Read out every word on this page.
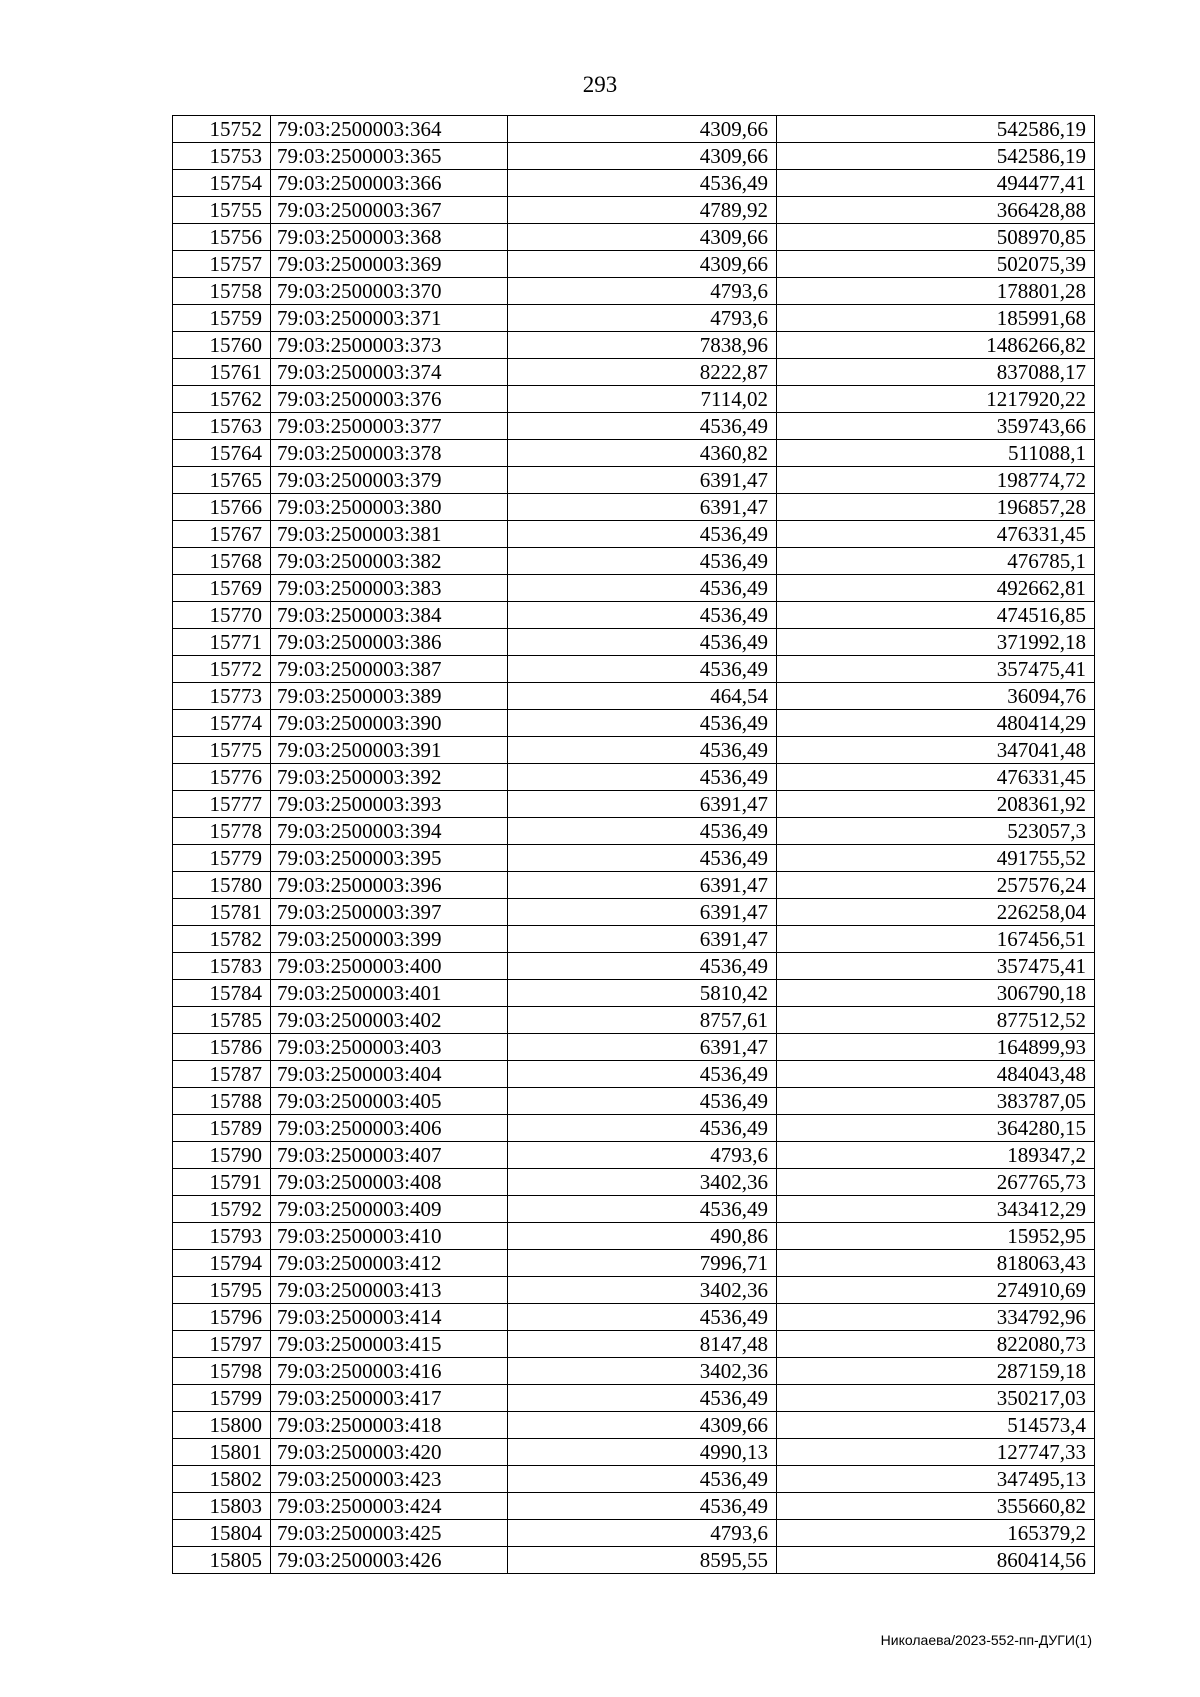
293
15752	79:03:2500003:364	4309,66	542586,19
15753	79:03:2500003:365	4309,66	542586,19
15754	79:03:2500003:366	4536,49	494477,41
15755	79:03:2500003:367	4789,92	366428,88
15756	79:03:2500003:368	4309,66	508970,85
15757	79:03:2500003:369	4309,66	502075,39
15758	79:03:2500003:370	4793,6	178801,28
15759	79:03:2500003:371	4793,6	185991,68
15760	79:03:2500003:373	7838,96	1486266,82
15761	79:03:2500003:374	8222,87	837088,17
15762	79:03:2500003:376	7114,02	1217920,22
15763	79:03:2500003:377	4536,49	359743,66
15764	79:03:2500003:378	4360,82	511088,1
15765	79:03:2500003:379	6391,47	198774,72
15766	79:03:2500003:380	6391,47	196857,28
15767	79:03:2500003:381	4536,49	476331,45
15768	79:03:2500003:382	4536,49	476785,1
15769	79:03:2500003:383	4536,49	492662,81
15770	79:03:2500003:384	4536,49	474516,85
15771	79:03:2500003:386	4536,49	371992,18
15772	79:03:2500003:387	4536,49	357475,41
15773	79:03:2500003:389	464,54	36094,76
15774	79:03:2500003:390	4536,49	480414,29
15775	79:03:2500003:391	4536,49	347041,48
15776	79:03:2500003:392	4536,49	476331,45
15777	79:03:2500003:393	6391,47	208361,92
15778	79:03:2500003:394	4536,49	523057,3
15779	79:03:2500003:395	4536,49	491755,52
15780	79:03:2500003:396	6391,47	257576,24
15781	79:03:2500003:397	6391,47	226258,04
15782	79:03:2500003:399	6391,47	167456,51
15783	79:03:2500003:400	4536,49	357475,41
15784	79:03:2500003:401	5810,42	306790,18
15785	79:03:2500003:402	8757,61	877512,52
15786	79:03:2500003:403	6391,47	164899,93
15787	79:03:2500003:404	4536,49	484043,48
15788	79:03:2500003:405	4536,49	383787,05
15789	79:03:2500003:406	4536,49	364280,15
15790	79:03:2500003:407	4793,6	189347,2
15791	79:03:2500003:408	3402,36	267765,73
15792	79:03:2500003:409	4536,49	343412,29
15793	79:03:2500003:410	490,86	15952,95
15794	79:03:2500003:412	7996,71	818063,43
15795	79:03:2500003:413	3402,36	274910,69
15796	79:03:2500003:414	4536,49	334792,96
15797	79:03:2500003:415	8147,48	822080,73
15798	79:03:2500003:416	3402,36	287159,18
15799	79:03:2500003:417	4536,49	350217,03
15800	79:03:2500003:418	4309,66	514573,4
15801	79:03:2500003:420	4990,13	127747,33
15802	79:03:2500003:423	4536,49	347495,13
15803	79:03:2500003:424	4536,49	355660,82
15804	79:03:2500003:425	4793,6	165379,2
15805	79:03:2500003:426	8595,55	860414,56
Николаева/2023-552-пп-ДУГИ(1)
